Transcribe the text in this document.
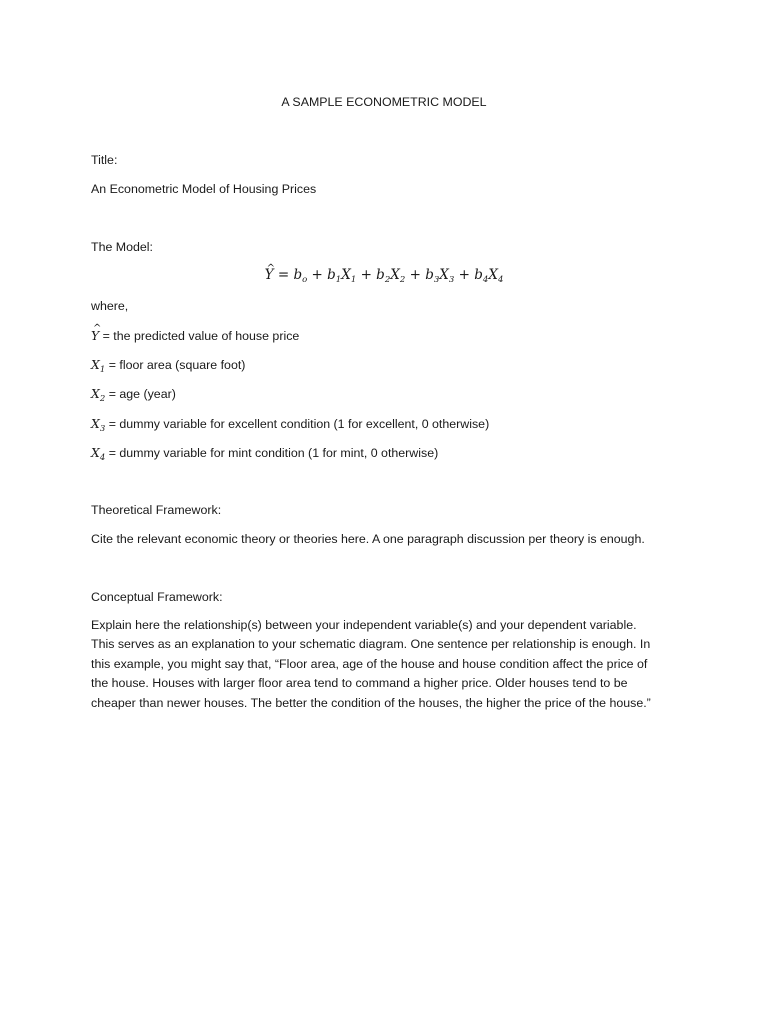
A SAMPLE ECONOMETRIC MODEL
Title:
An Econometric Model of Housing Prices
The Model:
^ $Y = b_o + b_1X_1 + b_2X_2 + b_3X_3 + b_4X_4$
where,
^ Y = the predicted value of house price
$X_1$ = floor area (square foot)
$X_2$ = age (year)
$X_3$ = dummy variable for excellent condition (1 for excellent, 0 otherwise)
$X_4$ = dummy variable for mint condition (1 for mint, 0 otherwise)
Theoretical Framework:
Cite the relevant economic theory or theories here. A one paragraph discussion per theory is enough.
Conceptual Framework:
Explain here the relationship(s) between your independent variable(s) and your dependent variable.
This serves as an explanation to your schematic diagram. One sentence per relationship is enough. In
this example, you might say that, “Floor area, age of the house and house condition affect the price of
the house. Houses with larger floor area tend to command a higher price. Older houses tend to be
cheaper than newer houses. The better the condition of the houses, the higher the price of the house.”
